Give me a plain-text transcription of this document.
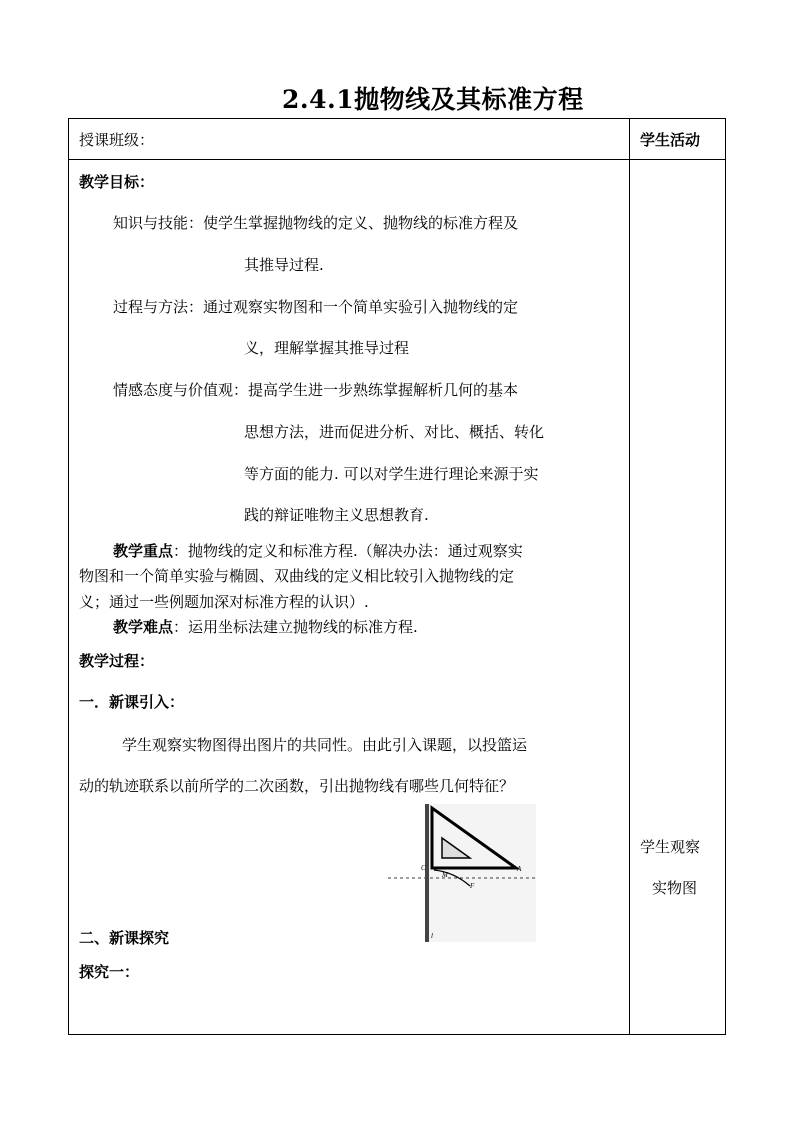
2.4.1抛物线及其标准方程
授课班级：	学生活动
教学目标：
知识与技能：使学生掌握抛物线的定义、抛物线的标准方程及
其推导过程.
过程与方法：通过观察实物图和一个简单实验引入抛物线的定
义，理解掌握其推导过程
情感态度与价值观：提高学生进一步熟练掌握解析几何的基本
思想方法，进而促进分析、对比、概括、转化
等方面的能力. 可以对学生进行理论来源于实
践的辩证唯物主义思想教育.
教学重点：抛物线的定义和标准方程.（解决办法：通过观察实
物图和一个简单实验与椭圆、双曲线的定义相比较引入抛物线的定
义；通过一些例题加深对标准方程的认识）.
教学难点：运用坐标法建立抛物线的标准方程.
教学过程：
一．新课引入：
学生观察实物图得出图片的共同性。由此引入课题，以投篮运
动的轨迹联系以前所学的二次函数，引出抛物线有哪些几何特征？
C
M
F
A
l
二、新课探究
探究一：
学生观察
实物图
